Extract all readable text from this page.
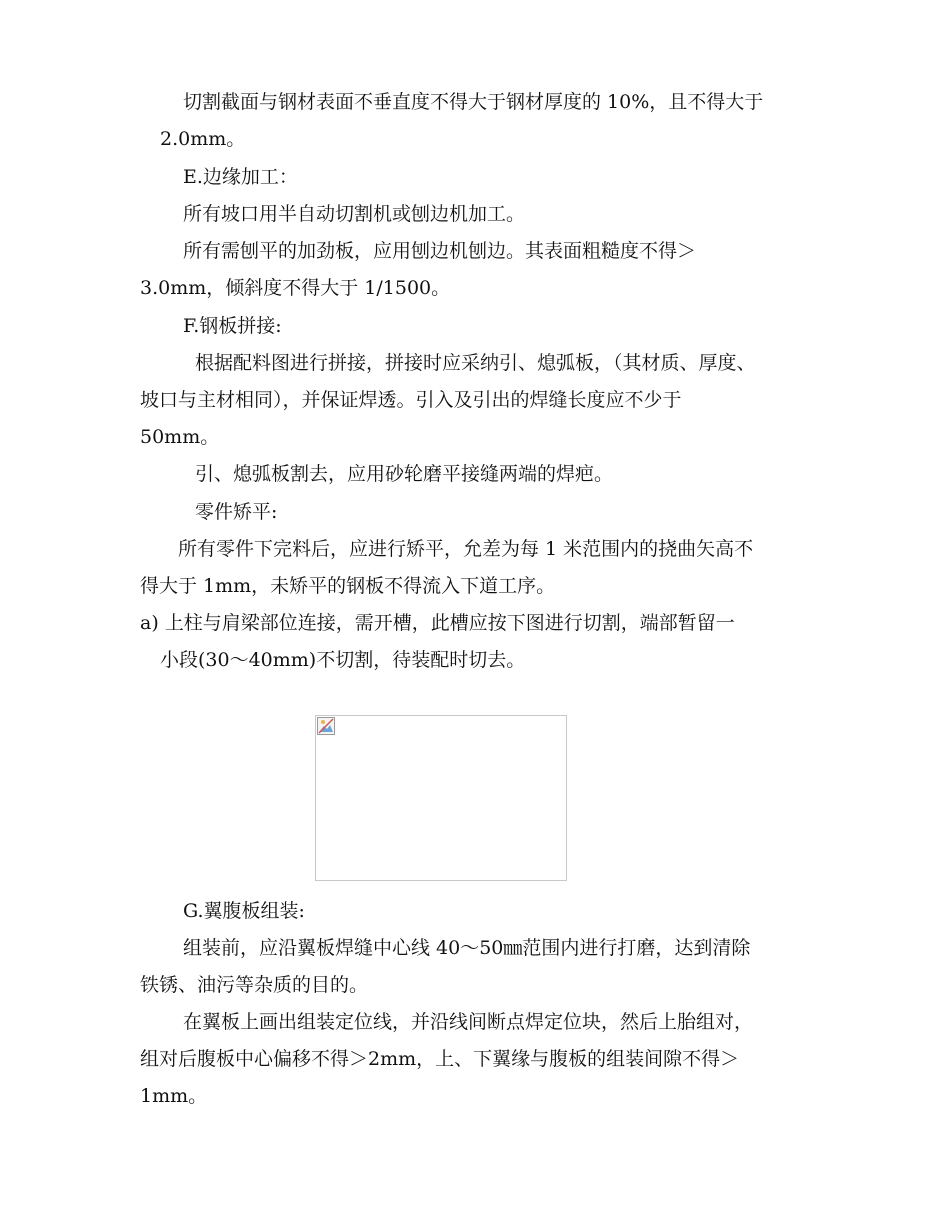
切割截面与钢材表面不垂直度不得大于钢材厚度的 10%，且不得大于
2.0mm。
E.边缘加工：
所有坡口用半自动切割机或刨边机加工。
所有需刨平的加劲板，应用刨边机刨边。其表面粗糙度不得＞
3.0mm，倾斜度不得大于 1/1500。
F.钢板拼接:
根据配料图进行拼接，拼接时应采纳引、熄弧板，（其材质、厚度、
坡口与主材相同），并保证焊透。引入及引出的焊缝长度应不少于
50mm。
引、熄弧板割去，应用砂轮磨平接缝两端的焊疤。
零件矫平:
所有零件下完料后，应进行矫平，允差为每 1 米范围内的挠曲矢高不
得大于 1mm，未矫平的钢板不得流入下道工序。
a) 上柱与肩梁部位连接，需开槽，此槽应按下图进行切割，端部暂留一
小段(30～40mm)不切割，待装配时切去。
G.翼腹板组装:
组装前，应沿翼板焊缝中心线 40～50㎜范围内进行打磨，达到清除
铁锈、油污等杂质的目的。
在翼板上画出组装定位线，并沿线间断点焊定位块，然后上胎组对，
组对后腹板中心偏移不得＞2mm，上、下翼缘与腹板的组装间隙不得＞
1mm。
